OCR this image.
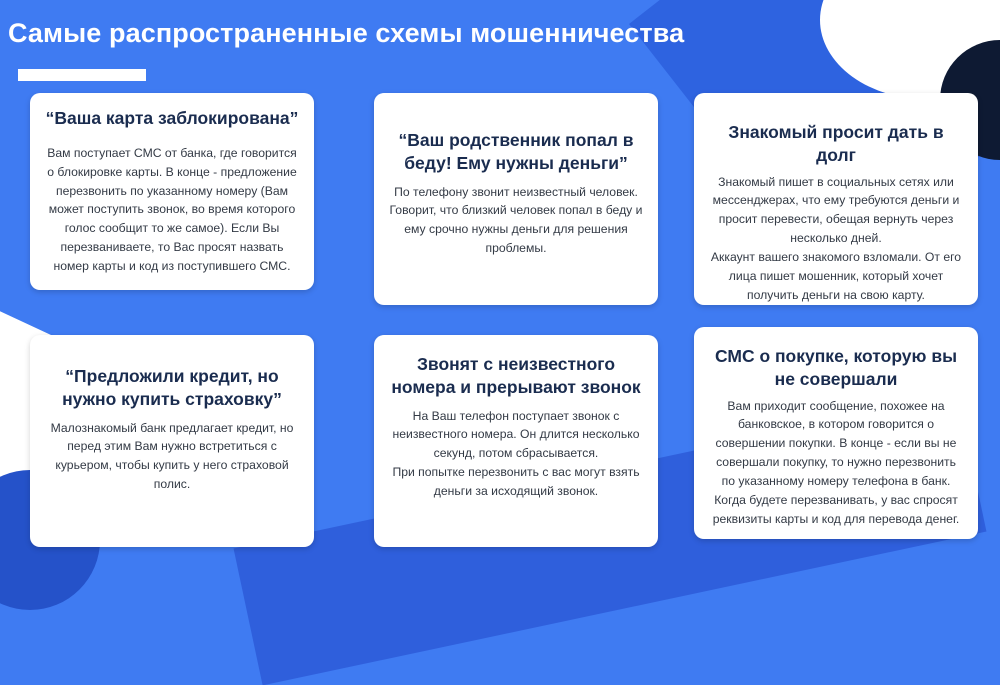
Самые распространенные схемы мошенничества
“Ваша карта заблокирована”

Вам поступает СМС от банка, где говорится о блокировке карты. В конце - предложение перезвонить по указанному номеру (Вам может поступить звонок, во время которого голос сообщит то же самое). Если Вы перезваниваете, то Вас просят назвать номер карты и код из поступившего СМС.

“Ваш родственник попал в беду! Ему нужны деньги”

По телефону звонит неизвестный человек. Говорит, что близкий человек попал в беду и ему срочно нужны деньги для решения проблемы.

Знакомый просит дать в долг

Знакомый пишет в социальных сетях или мессенджерах, что ему требуются деньги и просит перевести, обещая вернуть через несколько дней.

Аккаунт вашего знакомого взломали. От его лица пишет мошенник, который хочет получить деньги на свою карту.

“Предложили кредит, но нужно купить страховку”

Малознакомый банк предлагает кредит, но перед этим Вам нужно встретиться с курьером, чтобы купить у него страховой полис.

Звонят с неизвестного номера и прерывают звонок

На Ваш телефон поступает звонок с неизвестного номера. Он длится несколько секунд, потом сбрасывается.

При попытке перезвонить с вас могут взять деньги за исходящий звонок.

СМС о покупке, которую вы не совершали

Вам приходит сообщение, похожее на банковское, в котором говорится о совершении покупки. В конце - если вы не совершали покупку, то нужно перезвонить по указанному номеру телефона в банк. Когда будете перезванивать, у вас спросят реквизиты карты и код для перевода денег.
